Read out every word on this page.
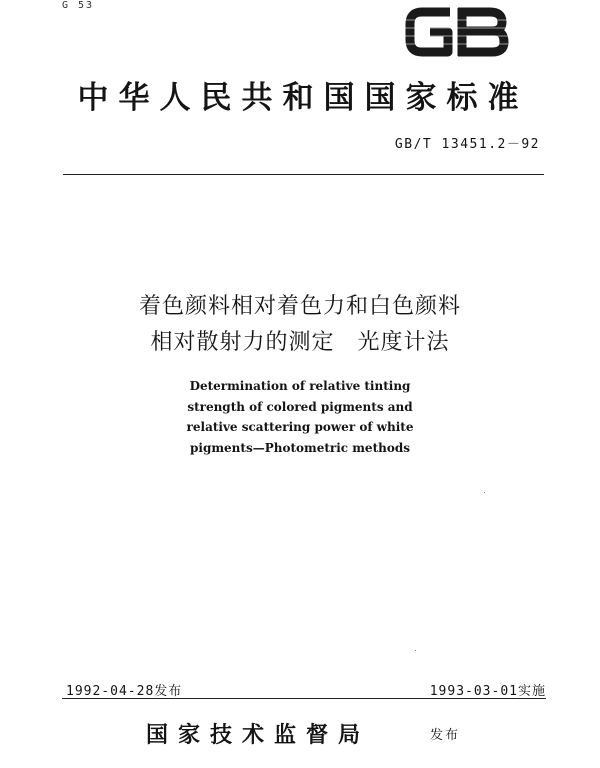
G 53
中华人民共和国国家标准
GB/T 13451.2－92
着色颜料相对着色力和白色颜料
相对散射力的测定　光度计法
Determination of relative tinting
strength of colored pigments and
relative scattering power of white
pigments—Photometric methods
1992-04-28发布	1993-03-01实施
国家技术监督局	发布
